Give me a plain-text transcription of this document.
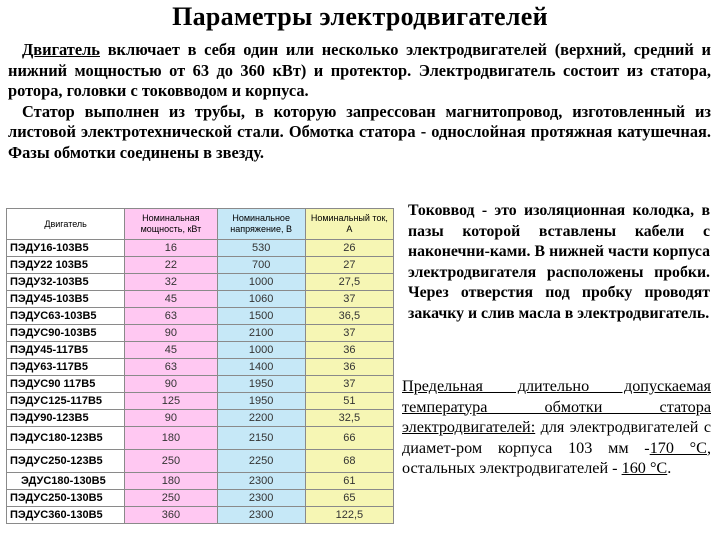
Параметры электродвигателей

Двигатель включает в себя один или несколько электродвигателей (верхний, средний и нижний мощностью от 63 до 360 кВт) и протектор. Электродвигатель состоит из статора, ротора, головки с токовводом и корпуса.

Статор выполнен из трубы, в которую запрессован магнитопровод, изготовленный из листовой электротехнической стали. Обмотка статора - однослойная протяжная катушечная. Фазы обмотки соединены в звезду.

Двигатель	Номинальная мощность, кВт	Номинальное напряжение, В	Номинальный ток, А
ПЭДУ16-103В5	16	530	26
ПЭДУ22 103В5	22	700	27
ПЭДУ32-103В5	32	1000	27,5
ПЭДУ45-103В5	45	1060	37
ПЭДУС63-103В5	63	1500	36,5
ПЭДУС90-103В5	90	2100	37
ПЭДУ45-117В5	45	1000	36
ПЭДУ63-117В5	63	1400	36
ПЭДУС90 117В5	90	1950	37
ПЭДУС125-117В5	125	1950	51
ПЭДУ90-123В5	90	2200	32,5
ПЭДУС180-123В5	180	2150	66
ПЭДУС250-123В5	250	2250	68
ЭДУС180-130В5	180	2300	61
ПЭДУС250-130В5	250	2300	65
ПЭДУС360-130В5	360	2300	122,5
Токоввод - это изоляционная колодка, в пазы которой вставлены кабели с наконечни-ками. В нижней части корпуса электродвигателя расположены пробки. Через отверстия под пробку проводят закачку и слив масла в электродвигатель.
Предельная длительно допускаемая температура обмотки статора электродвигателей: для электродвигателей с диамет-ром корпуса 103 мм -170 °С, остальных электродвигателей - 160 °С.
